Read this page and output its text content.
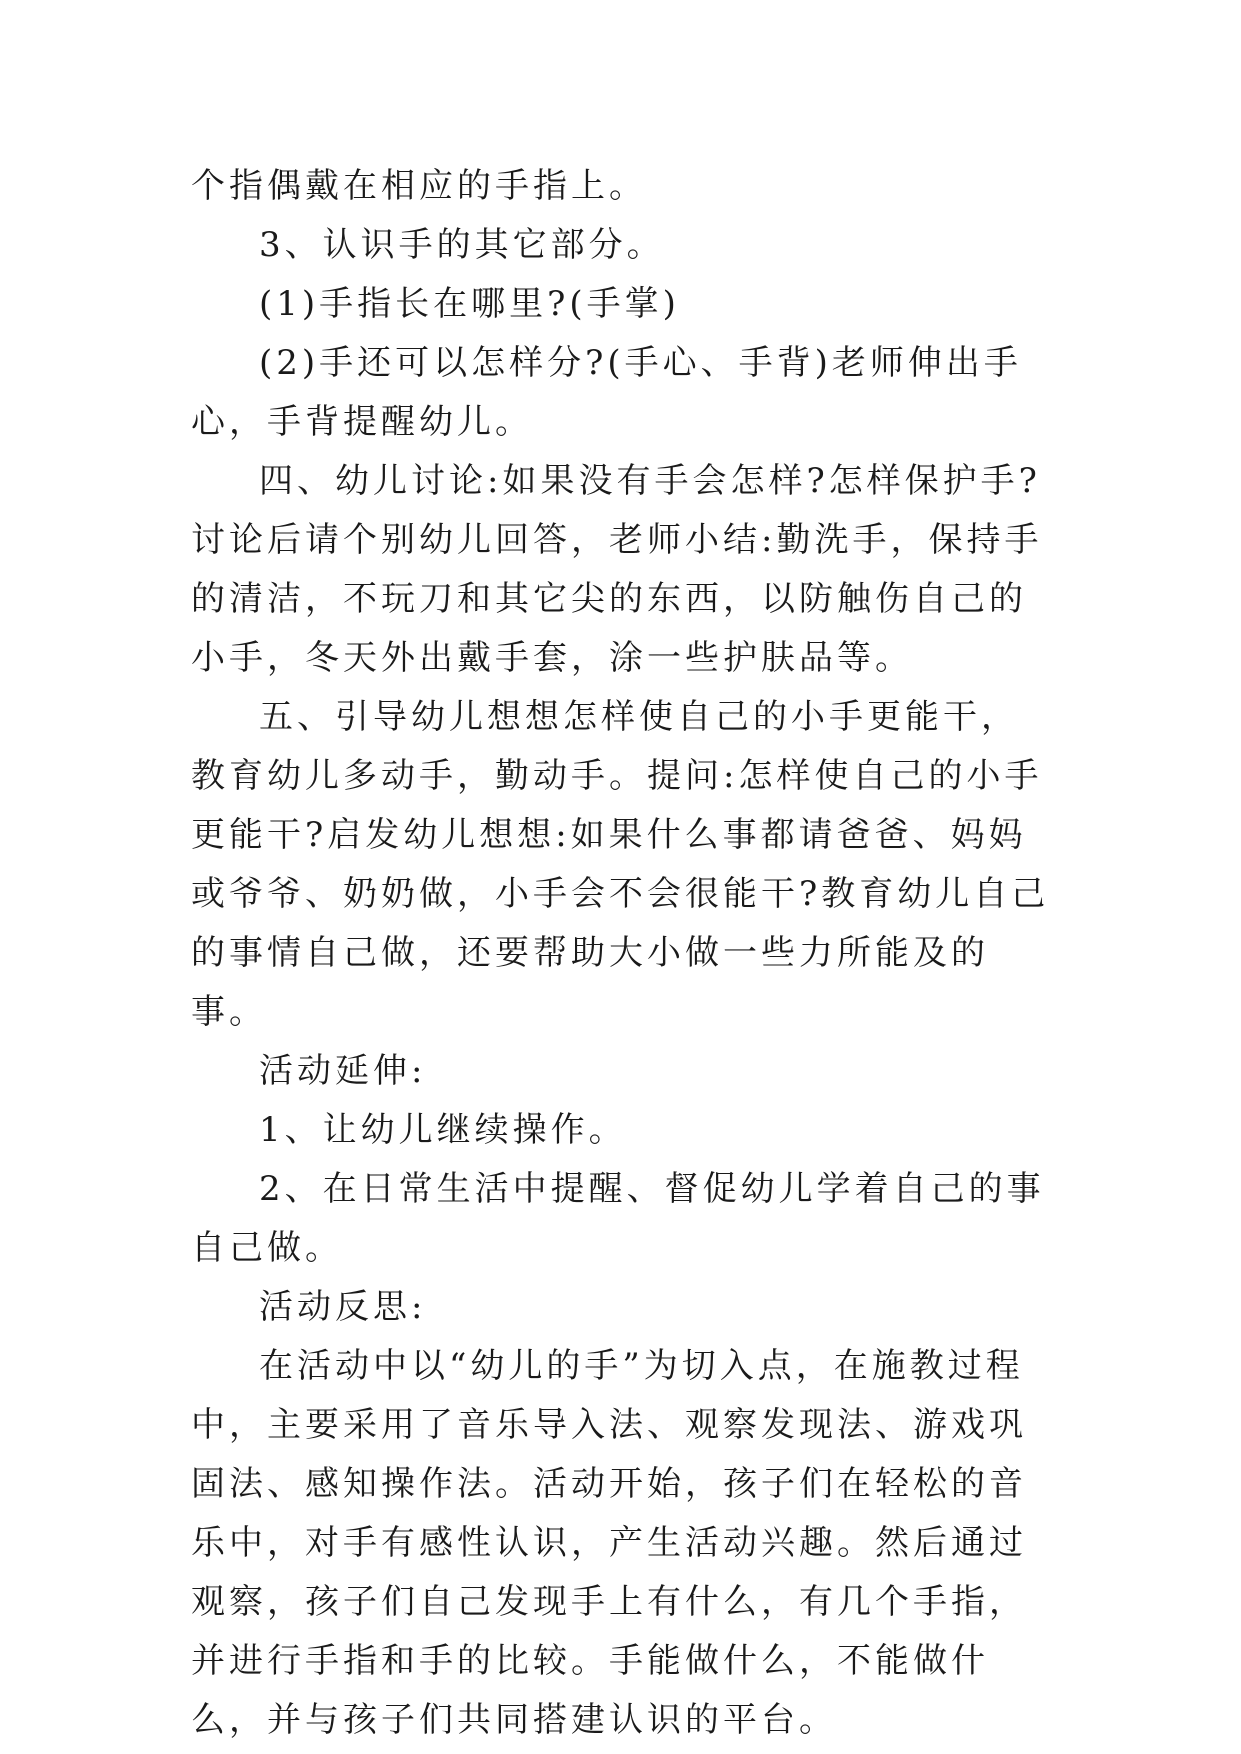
个指偶戴在相应的手指上。

3、认识手的其它部分。

(1)手指长在哪里?(手掌)

(2)手还可以怎样分?(手心、手背)老师伸出手心，手背提醒幼儿。

四、幼儿讨论:如果没有手会怎样?怎样保护手?讨论后请个别幼儿回答，老师小结:勤洗手，保持手的清洁，不玩刀和其它尖的东西，以防触伤自己的小手，冬天外出戴手套，涂一些护肤品等。

五、引导幼儿想想怎样使自己的小手更能干，教育幼儿多动手，勤动手。提问:怎样使自己的小手更能干?启发幼儿想想:如果什么事都请爸爸、妈妈或爷爷、奶奶做，小手会不会很能干?教育幼儿自己的事情自己做，还要帮助大小做一些力所能及的事。

活动延伸:

1、让幼儿继续操作。

2、在日常生活中提醒、督促幼儿学着自己的事自己做。

活动反思:

在活动中以“幼儿的手”为切入点，在施教过程中，主要采用了音乐导入法、观察发现法、游戏巩固法、感知操作法。活动开始，孩子们在轻松的音乐中，对手有感性认识，产生活动兴趣。然后通过观察，孩子们自己发现手上有什么，有几个手指，并进行手指和手的比较。手能做什么，不能做什么，并与孩子们共同搭建认识的平台。
